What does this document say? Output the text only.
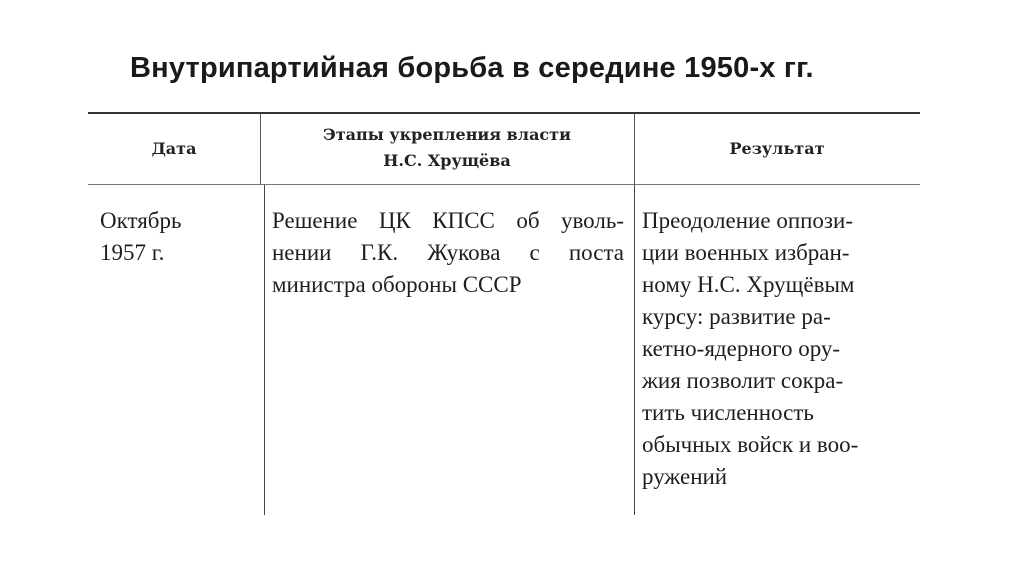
Внутрипартийная борьба в середине 1950-х гг.
Дата
Этапы укрепления власти
Н.С. Хрущёва
Результат
Октябрь
1957 г.
Решение ЦК КПСС об уволь-
нении Г.К. Жукова с поста
министра обороны СССР
Преодоление оппози-
ции военных избран-
ному Н.С. Хрущёвым
курсу: развитие ра-
кетно-ядерного ору-
жия позволит сокра-
тить численность
обычных войск и воо-
ружений
